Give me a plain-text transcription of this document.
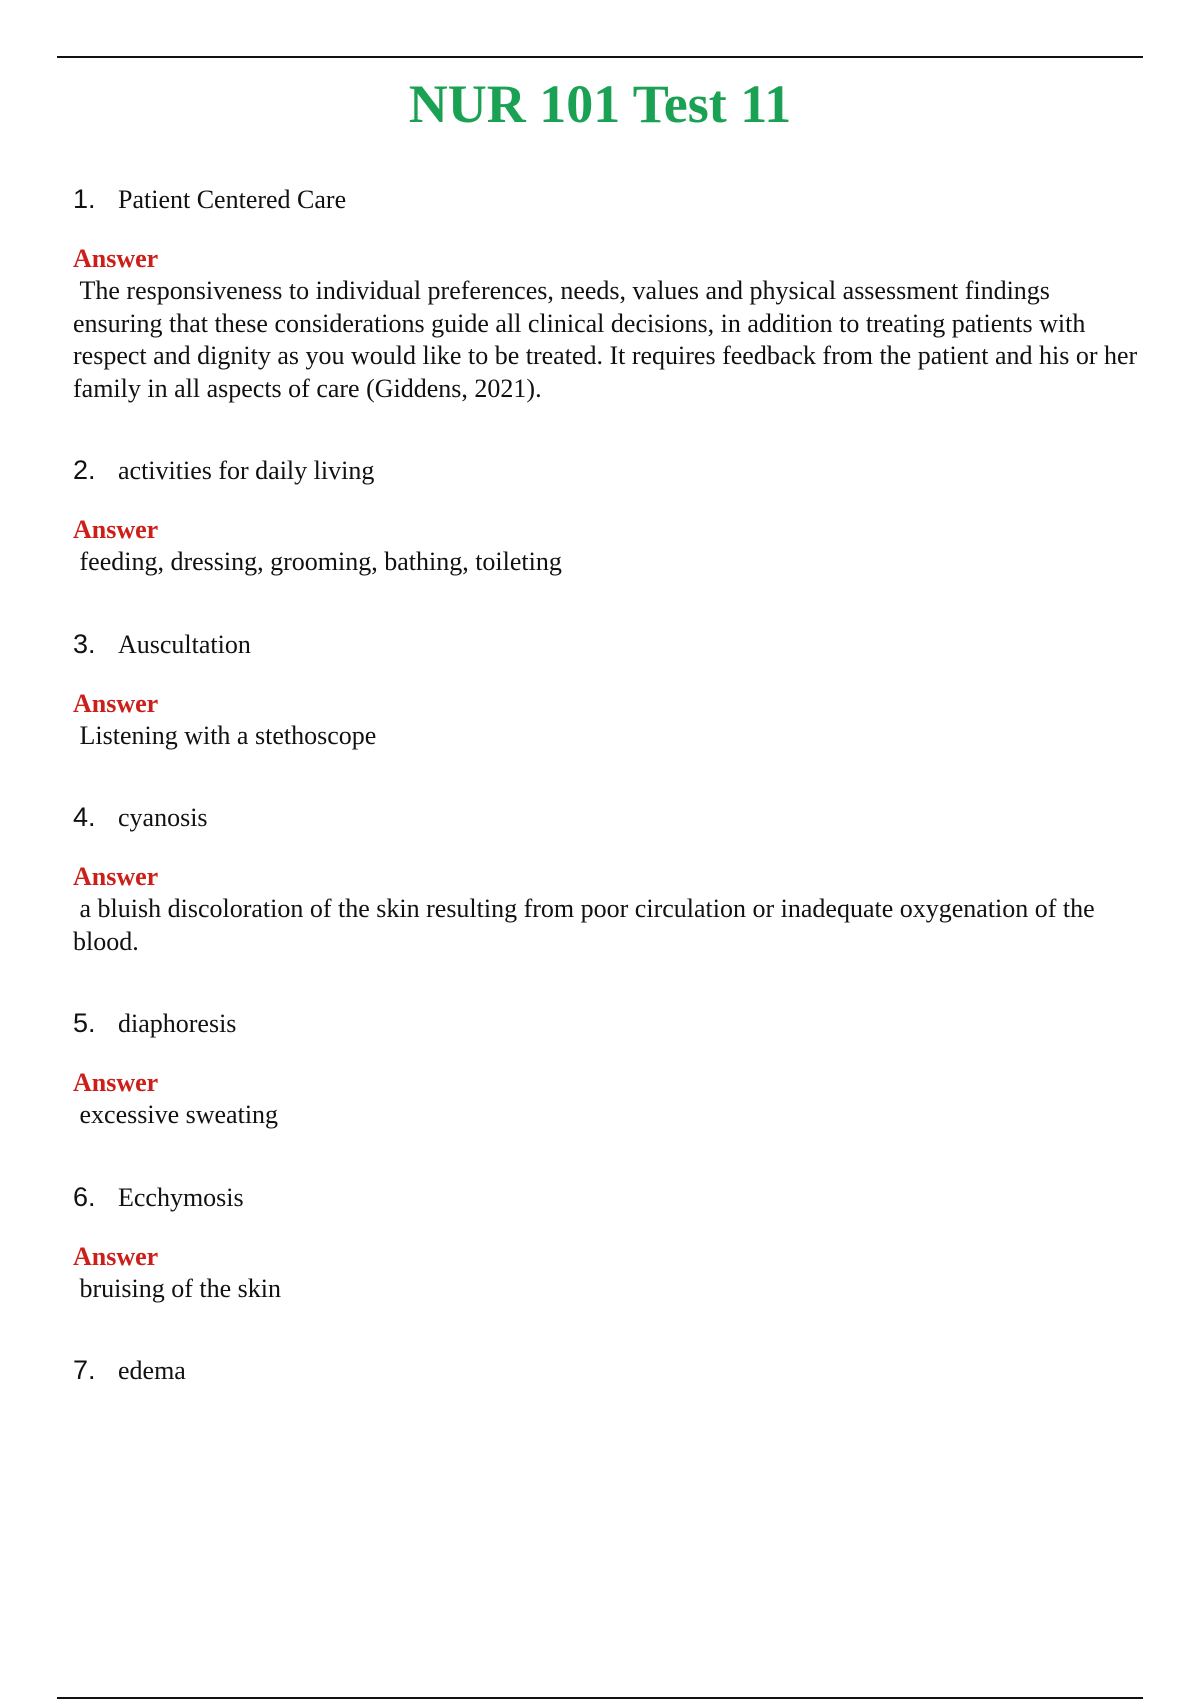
NUR 101 Test 11
1. Patient Centered Care
Answer

The responsiveness to individual preferences, needs, values and physical assessment findings ensuring that these considerations guide all clinical decisions, in addition to treating patients with respect and dignity as you would like to be treated. It requires feedback from the patient and his or her family in all aspects of care (Giddens, 2021).

2. activities for daily living
Answer

feeding, dressing, grooming, bathing, toileting

3. Auscultation
Answer

Listening with a stethoscope

4. cyanosis
Answer

a bluish discoloration of the skin resulting from poor circulation or inadequate oxygenation of the blood.

5. diaphoresis
Answer

excessive sweating

6. Ecchymosis
Answer

bruising of the skin

7. edema
